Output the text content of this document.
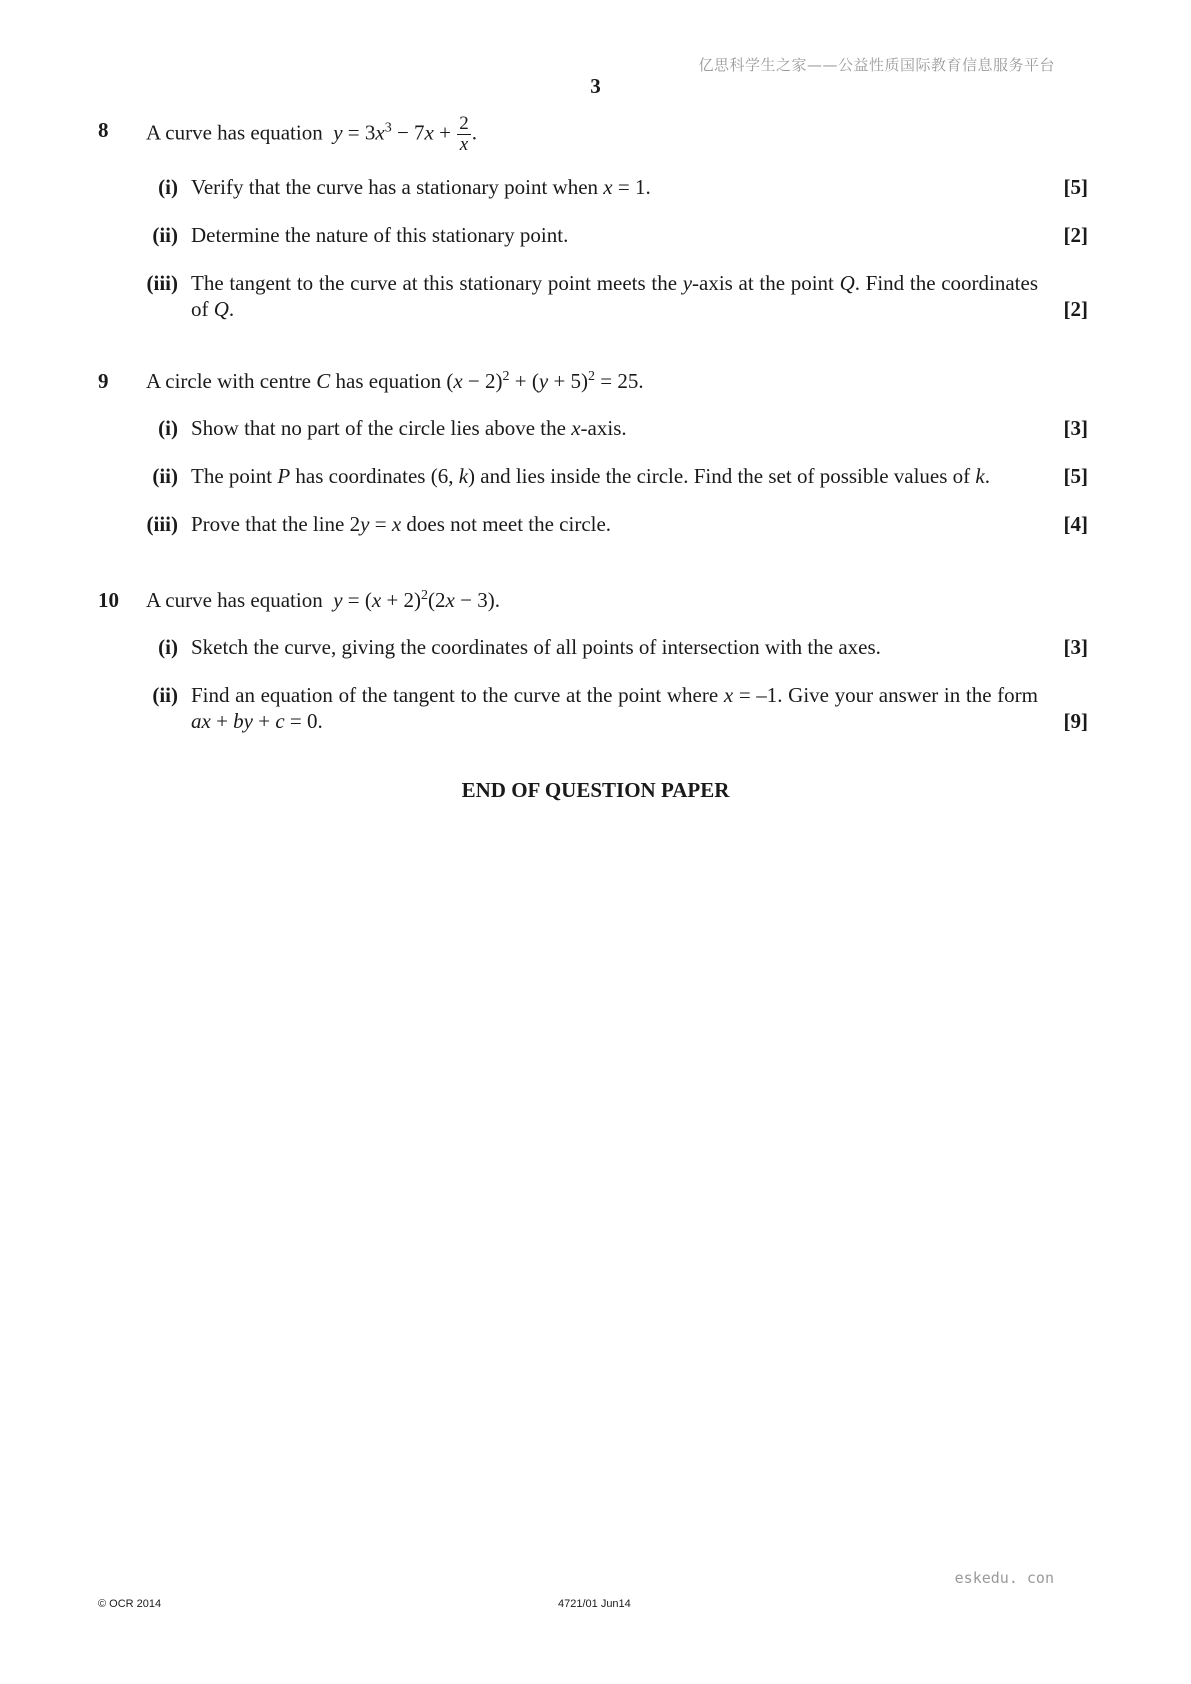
亿思科学生之家——公益性质国际教育信息服务平台
3
8 A curve has equation $y = 3x^3 - 7x + \frac{2}{x}$ .
(i) Verify that the curve has a stationary point when x = 1.	[5]
(ii) Determine the nature of this stationary point.	[2]
(iii) The tangent to the curve at this stationary point meets the y-axis at the point Q. Find the coordinates of Q.	[2]
9 A circle with centre C has equation $(x - 2)^2 + (y + 5)^2 = 25$.
(i) Show that no part of the circle lies above the x-axis.	[3]
(ii) The point P has coordinates (6, k) and lies inside the circle. Find the set of possible values of k.	[5]
(iii) Prove that the line 2y = x does not meet the circle.	[4]
10 A curve has equation $y = (x + 2)^2(2x - 3)$.
(i) Sketch the curve, giving the coordinates of all points of intersection with the axes.	[3]
(ii) Find an equation of the tangent to the curve at the point where x = –1. Give your answer in the form ax + by + c = 0.	[9]
END OF QUESTION PAPER
eskedu. con
© OCR 2014	4721/01 Jun14
